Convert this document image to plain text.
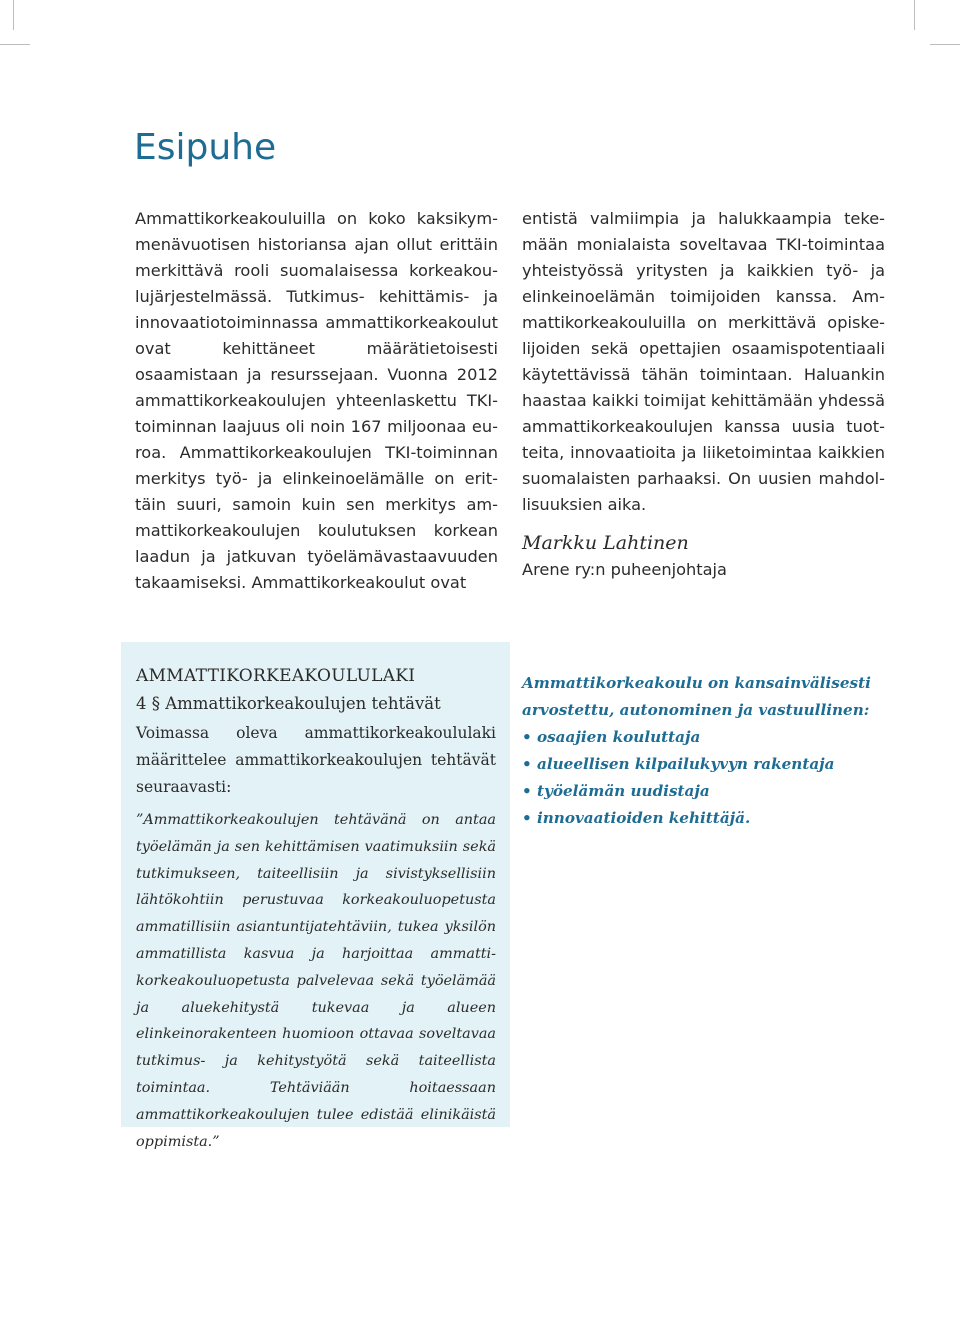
Esipuhe

Ammattikorkeakouluilla on koko kaksikymmenävuotisen historiansa ajan ollut erittäin merkittävä rooli suomalaisessa korkeakoulujärjestelmässä. Tutkimus- kehittämis- ja innovaatiotoiminnassa ammattikorkeakoulut ovat kehittäneet määrätietoisesti osaamistaan ja resurssejaan. Vuonna 2012 ammattikorkeakoulujen yhteenlaskettu TKI-toiminnan laajuus oli noin 167 miljoonaa euroa. Ammattikorkeakoulujen TKI-toiminnan merkitys työ- ja elinkeinoelämälle on erittäin suuri, samoin kuin sen merkitys ammattikorkeakoulujen koulutuksen korkean laadun ja jatkuvan työelämävastaavuuden takaamiseksi. Ammattikorkeakoulut ovat

entistä valmiimpia ja halukkaampia tekemään monialaista soveltavaa TKI-toimintaa yhteistyössä yritysten ja kaikkien työ- ja elinkeinoelämän toimijoiden kanssa. Ammattikorkeakouluilla on merkittävä opiskelijoiden sekä opettajien osaamispotentiaali käytettävissä tähän toimintaan. Haluankin haastaa kaikki toimijat kehittämään yhdessä ammattikorkeakoulujen kanssa uusia tuotteita, innovaatioita ja liiketoimintaa kaikkien suomalaisten parhaaksi. On uusien mahdollisuuksien aika.

Markku Lahtinen
Arene ry:n puheenjohtaja
AMMATTIKORKEAKOULULAKI
4 § Ammattikorkeakoulujen tehtävät
Voimassa oleva ammattikorkeakoululaki määrittelee ammattikorkeakoulujen tehtävät seuraavasti:
”Ammattikorkeakoulujen tehtävänä on antaa työelämän ja sen kehittämisen vaatimuksiin sekä tutkimukseen, taiteellisiin ja sivistyksellisiin lähtökohtiin perustuvaa korkeakouluopetusta ammatillisiin asiantuntijatehtäviin, tukea yksilön ammatillista kasvua ja harjoittaa ammattikorkeakouluopetusta palvelevaa sekä työelämää ja aluekehitystä tukevaa ja alueen elinkeinorakenteen huomioon ottavaa soveltavaa tutkimus- ja kehitystyötä sekä taiteellista toimintaa. Tehtäviään hoitaessaan ammattikorkeakoulujen tulee edistää elinikäistä oppimista.”
Ammattikorkeakoulu on kansainvälisesti arvostettu, autonominen ja vastuullinen:
• osaajien kouluttaja
• alueellisen kilpailukyvyn rakentaja
• työelämän uudistaja
• innovaatioiden kehittäjä.
